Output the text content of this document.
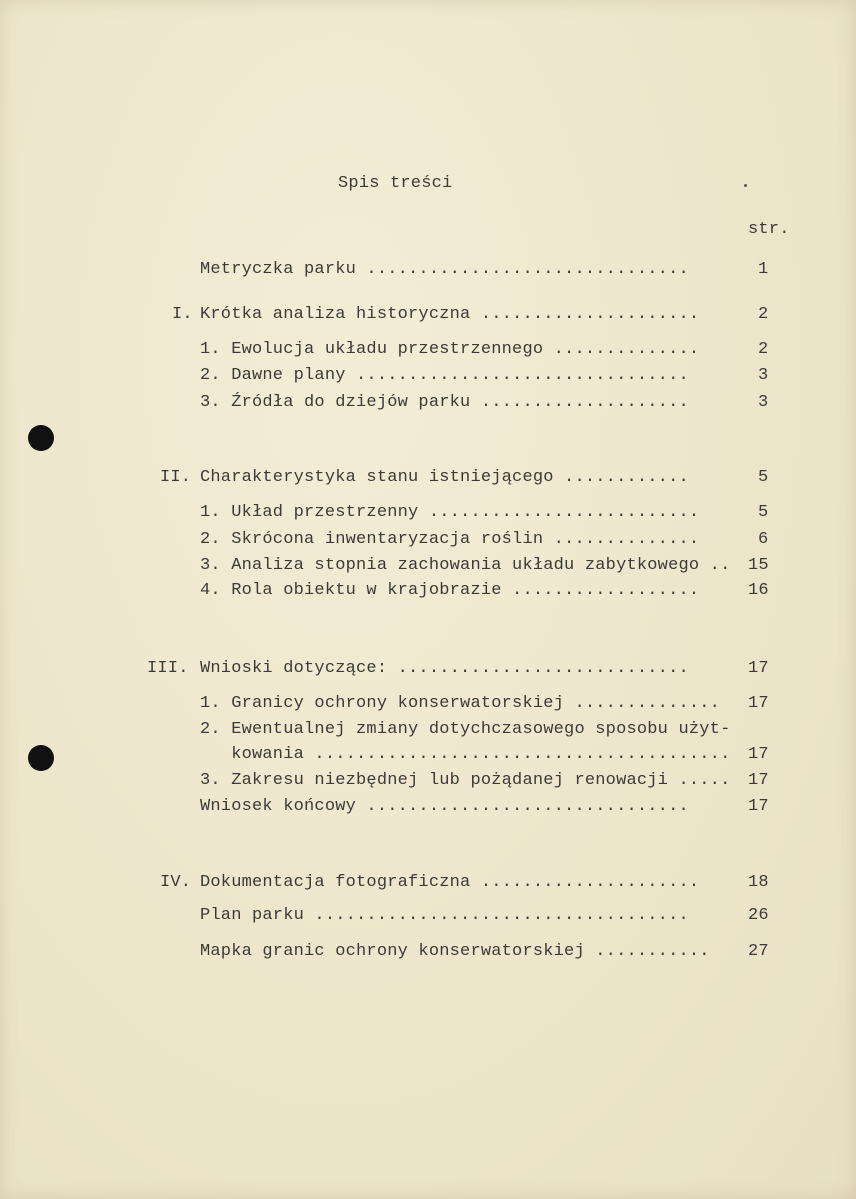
Spis treści
str.
Metryczka parku ...............................	1
I. Krótka analiza historyczna .....................	2
1. Ewolucja układu przestrzennego ..............	2
2. Dawne plany ................................	3
3. Źródła do dziejów parku ....................	3
II. Charakterystyka stanu istniejącego ............	5
1. Układ przestrzenny ..........................	5
2. Skrócona inwentaryzacja roślin ..............	6
3. Analiza stopnia zachowania układu zabytkowego .. 15
4. Rola obiektu w krajobrazie ..................	16
III. Wnioski dotyczące: ............................	17
1. Granicy ochrony konserwatorskiej .............. 17
2. Ewentualnej zmiany dotychczasowego sposobu użyt-
kowania ........................................ 17
3. Zakresu niezbędnej lub pożądanej renowacji ..... 17
Wniosek końcowy ...............................	17
IV. Dokumentacja fotograficzna .....................	18
Plan parku ....................................	26
Mapka granic ochrony konserwatorskiej ........... 27
